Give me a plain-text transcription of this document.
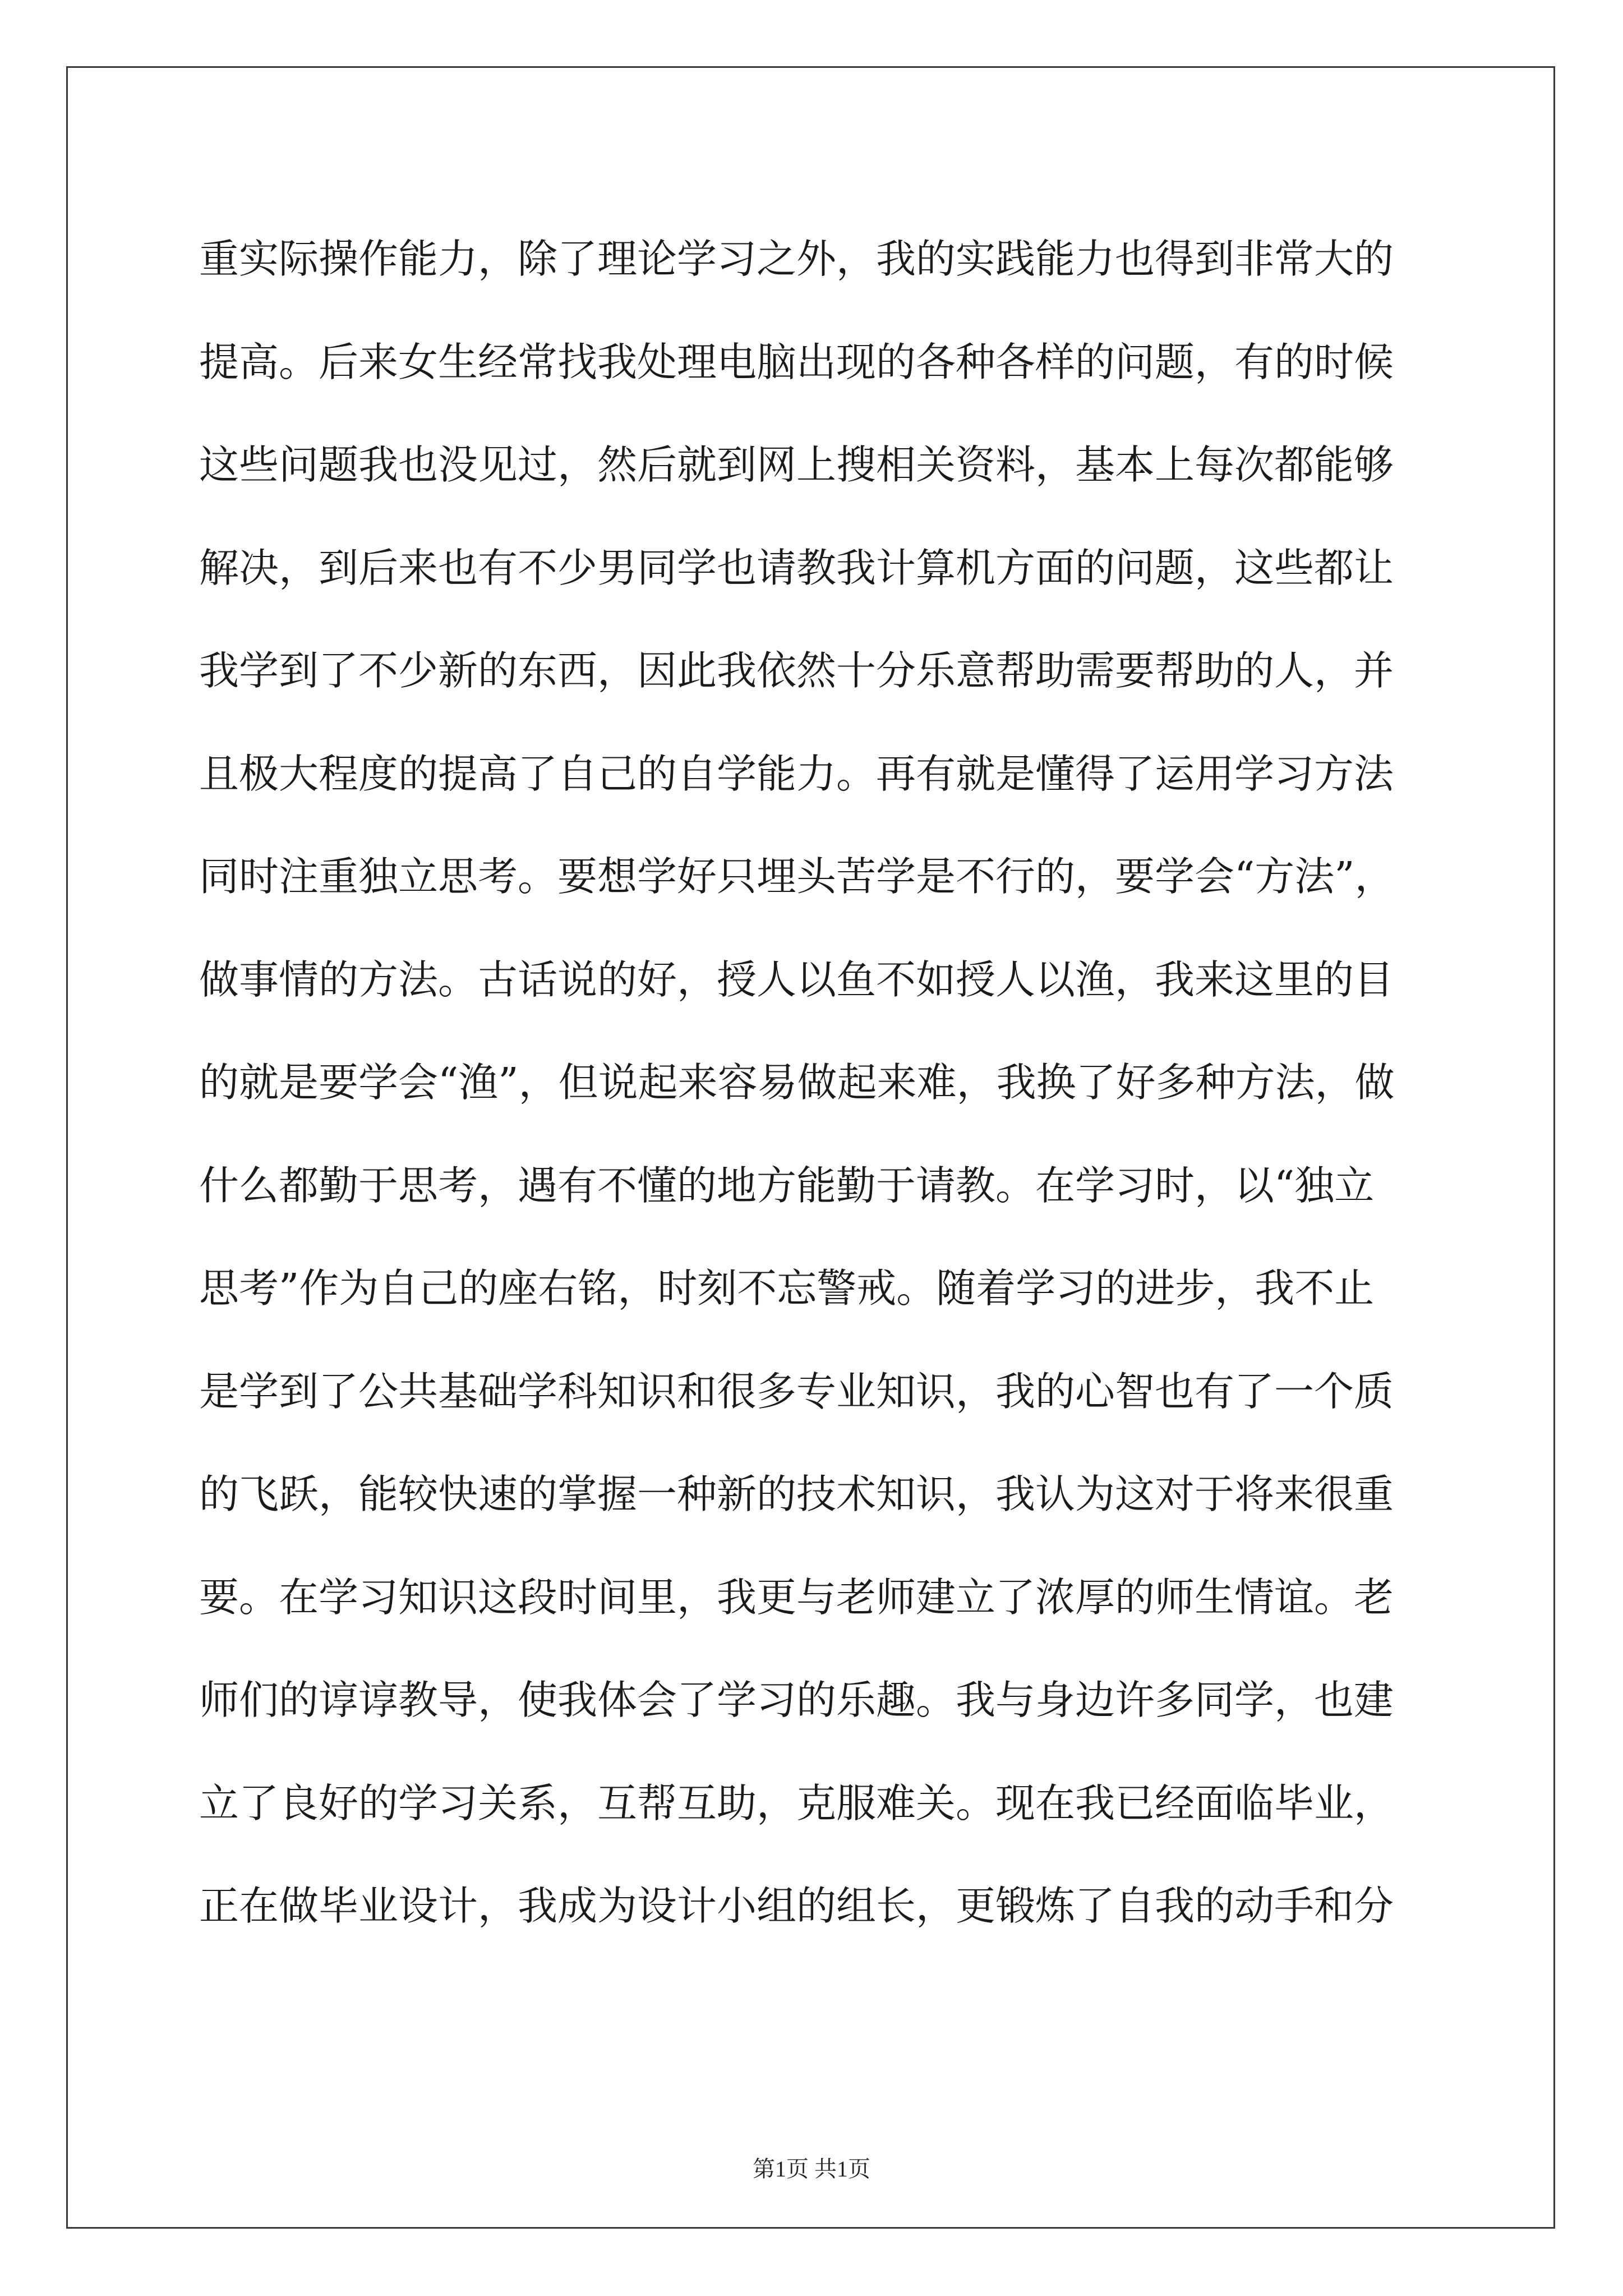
重实际操作能力，除了理论学习之外，我的实践能力也得到非常大的
提高。后来女生经常找我处理电脑出现的各种各样的问题，有的时候
这些问题我也没见过，然后就到网上搜相关资料，基本上每次都能够
解决，到后来也有不少男同学也请教我计算机方面的问题，这些都让
我学到了不少新的东西，因此我依然十分乐意帮助需要帮助的人，并
且极大程度的提高了自己的自学能力。再有就是懂得了运用学习方法
同时注重独立思考。要想学好只埋头苦学是不行的，要学会“方法”，
做事情的方法。古话说的好，授人以鱼不如授人以渔，我来这里的目
的就是要学会“渔”，但说起来容易做起来难，我换了好多种方法，做
什么都勤于思考，遇有不懂的地方能勤于请教。在学习时，以“独立
思考”作为自己的座右铭，时刻不忘警戒。随着学习的进步，我不止
是学到了公共基础学科知识和很多专业知识，我的心智也有了一个质
的飞跃，能较快速的掌握一种新的技术知识，我认为这对于将来很重
要。在学习知识这段时间里，我更与老师建立了浓厚的师生情谊。老
师们的谆谆教导，使我体会了学习的乐趣。我与身边许多同学，也建
立了良好的学习关系，互帮互助，克服难关。现在我已经面临毕业，
正在做毕业设计，我成为设计小组的组长，更锻炼了自我的动手和分
第1页 共1页
